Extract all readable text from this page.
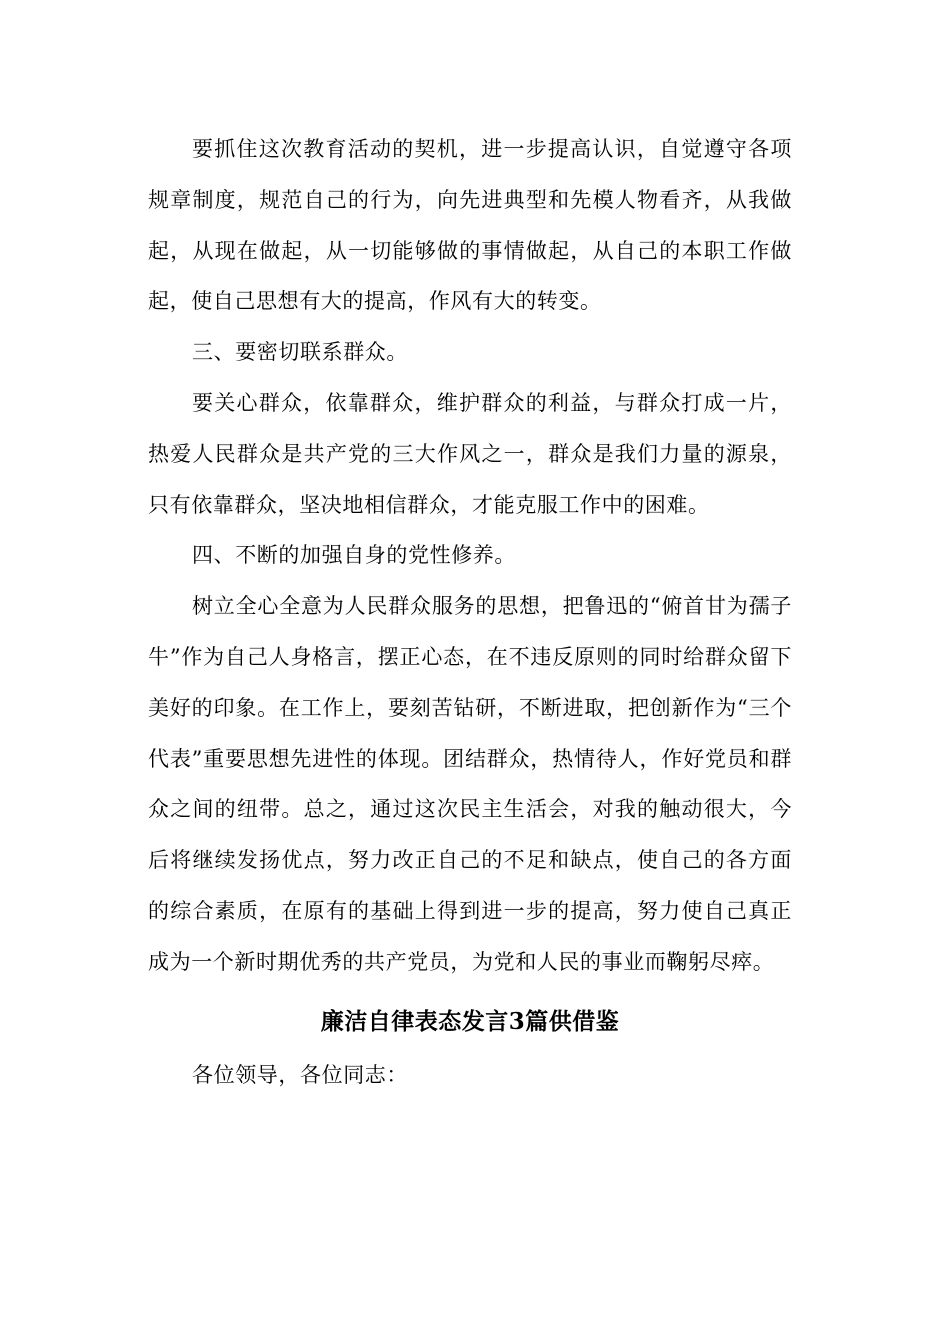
要抓住这次教育活动的契机，进一步提高认识，自觉遵守各项规章制度，规范自己的行为，向先进典型和先模人物看齐，从我做起，从现在做起，从一切能够做的事情做起，从自己的本职工作做起，使自己思想有大的提高，作风有大的转变。

三、要密切联系群众。

要关心群众，依靠群众，维护群众的利益，与群众打成一片，热爱人民群众是共产党的三大作风之一，群众是我们力量的源泉，只有依靠群众，坚决地相信群众，才能克服工作中的困难。

四、不断的加强自身的党性修养。

树立全心全意为人民群众服务的思想，把鲁迅的“俯首甘为孺子牛”作为自己人身格言，摆正心态，在不违反原则的同时给群众留下美好的印象。在工作上，要刻苦钻研，不断进取，把创新作为“三个代表”重要思想先进性的体现。团结群众，热情待人，作好党员和群众之间的纽带。总之，通过这次民主生活会，对我的触动很大，今后将继续发扬优点，努力改正自己的不足和缺点，使自己的各方面的综合素质，在原有的基础上得到进一步的提高，努力使自己真正成为一个新时期优秀的共产党员，为党和人民的事业而鞠躬尽瘁。

廉洁自律表态发言3篇供借鉴

各位领导，各位同志：
